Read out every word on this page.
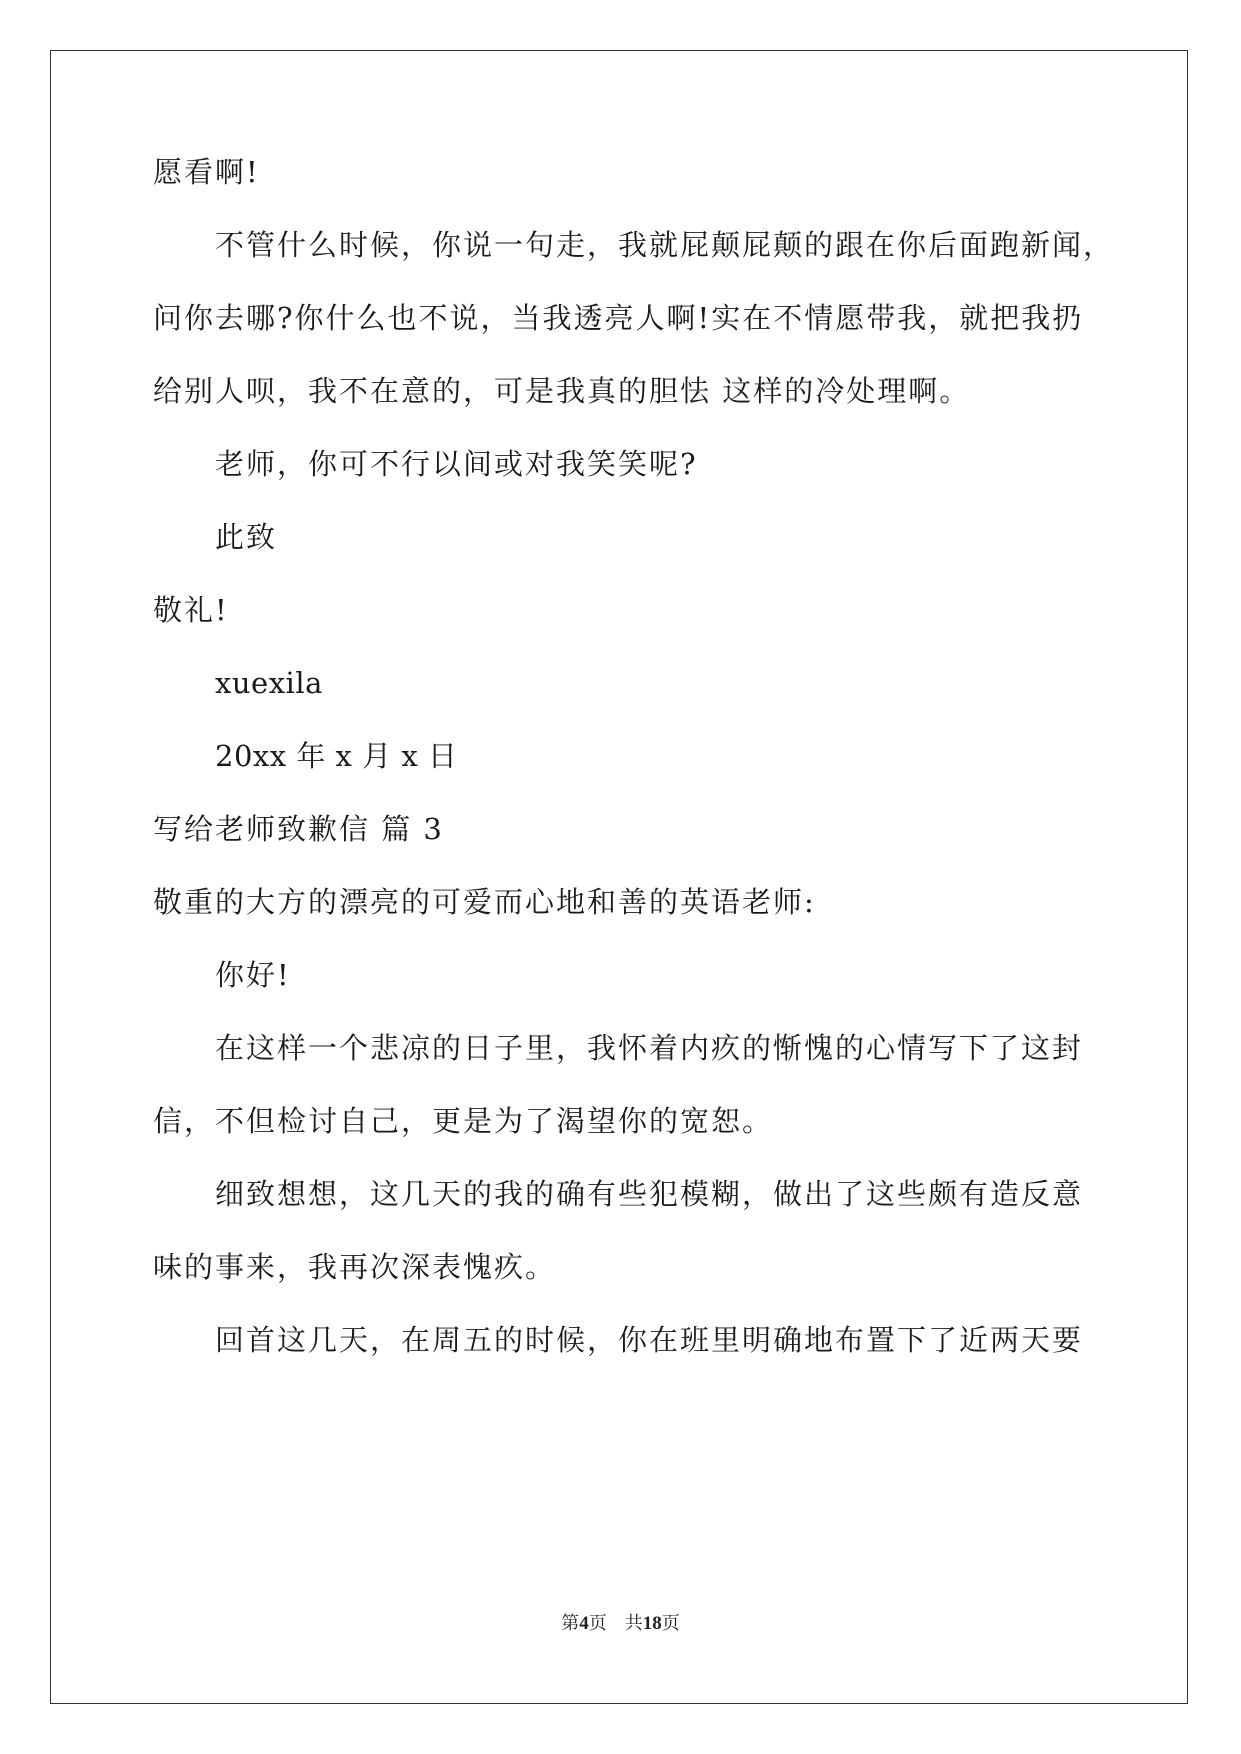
愿看啊!
不管什么时候，你说一句走，我就屁颠屁颠的跟在你后面跑新闻，
问你去哪?你什么也不说，当我透亮人啊!实在不情愿带我，就把我扔
给别人呗，我不在意的，可是我真的胆怯 这样的冷处理啊。
老师，你可不行以间或对我笑笑呢?
此致
敬礼!
xuexila
20xx 年 x 月 x 日
写给老师致歉信 篇 3
敬重的大方的漂亮的可爱而心地和善的英语老师:
你好!
在这样一个悲凉的日子里，我怀着内疚的惭愧的心情写下了这封
信，不但检讨自己，更是为了渴望你的宽恕。
细致想想，这几天的我的确有些犯模糊，做出了这些颇有造反意
味的事来，我再次深表愧疚。
回首这几天，在周五的时候，你在班里明确地布置下了近两天要
第4页 共18页
